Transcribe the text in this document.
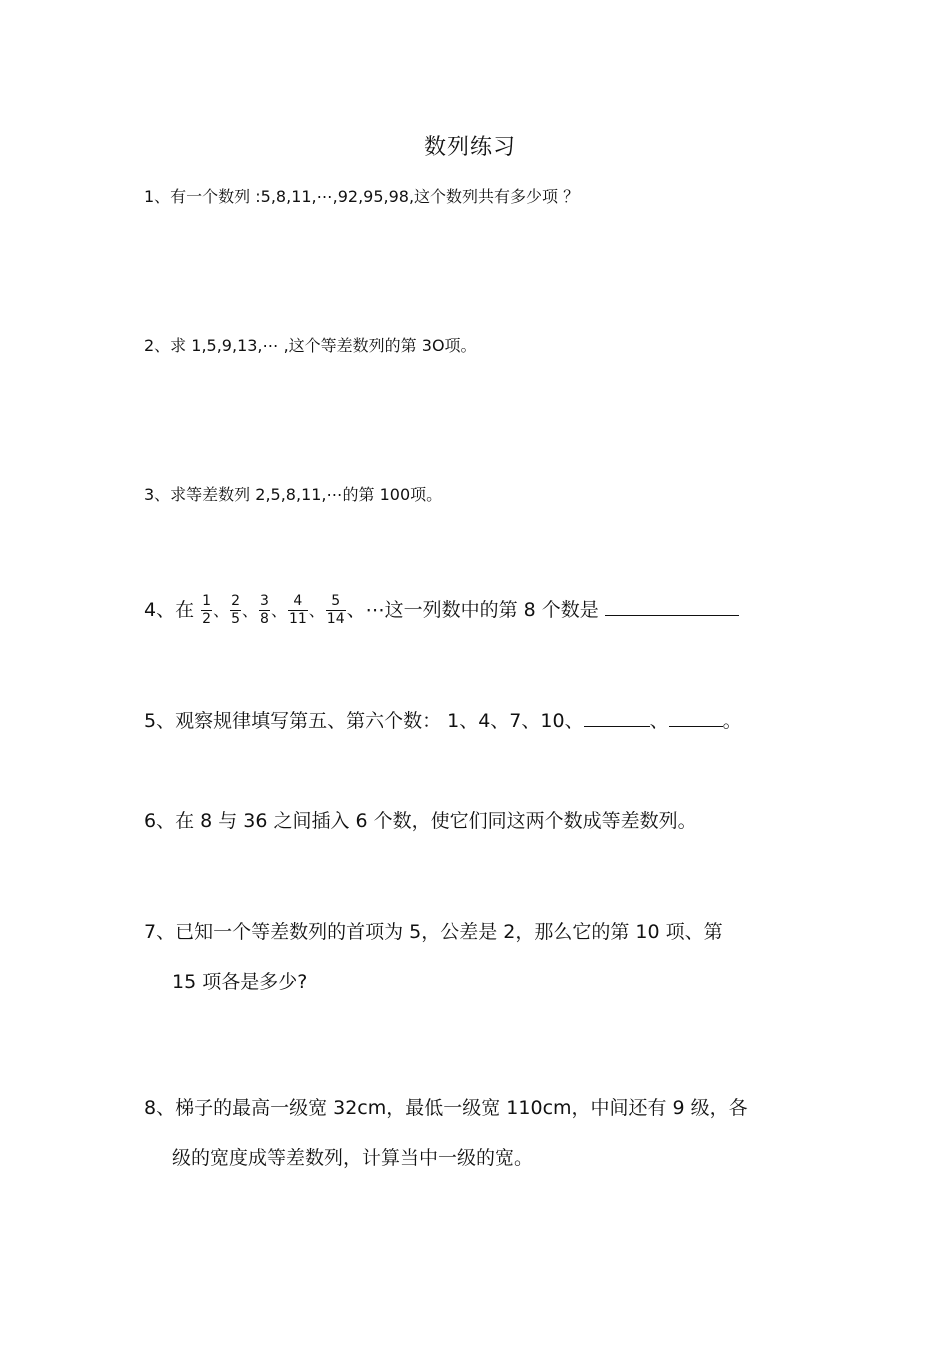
数列练习
1、有一个数列 :5,8,11,⋯,92,95,98,这个数列共有多少项 ？
2、求 1,5,9,13,⋯ ,这个等差数列的第 3O项。
3、求等差数列 2,5,8,11,⋯的第 100项。
4、在 $\frac{1}{2}$ 、 $\frac{2}{5}$ 、 $\frac{3}{8}$ 、 $\frac{4}{11}$ 、 $\frac{5}{14}$ 、⋯这一列数中的第 8 个数是
5、观察规律填写第五、第六个数： 1、4、7、10、	、	。
6、在 8 与 36 之间插入 6 个数，使它们同这两个数成等差数列。
7、已知一个等差数列的首项为 5，公差是 2，那么它的第 10 项、第
15 项各是多少?
8、梯子的最高一级宽 32cm，最低一级宽 110cm，中间还有 9 级，各
级的宽度成等差数列，计算当中一级的宽。
